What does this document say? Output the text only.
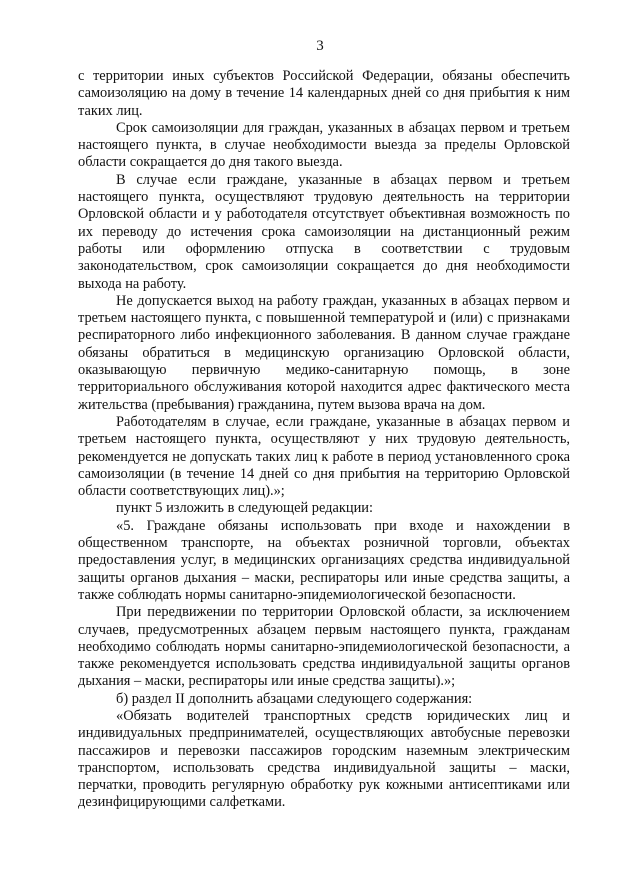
3

с территории иных субъектов Российской Федерации, обязаны обеспечить самоизоляцию на дому в течение 14 календарных дней со дня прибытия к ним таких лиц.

Срок самоизоляции для граждан, указанных в абзацах первом и третьем настоящего пункта, в случае необходимости выезда за пределы Орловской области сокращается до дня такого выезда.

В случае если граждане, указанные в абзацах первом и третьем настоящего пункта, осуществляют трудовую деятельность на территории Орловской области и у работодателя отсутствует объективная возможность по их переводу до истечения срока самоизоляции на дистанционный режим работы или оформлению отпуска в соответствии с трудовым законодательством, срок самоизоляции сокращается до дня необходимости выхода на работу.

Не допускается выход на работу граждан, указанных в абзацах первом и третьем настоящего пункта, с повышенной температурой и (или) с признаками респираторного либо инфекционного заболевания. В данном случае граждане обязаны обратиться в медицинскую организацию Орловской области, оказывающую первичную медико-санитарную помощь, в зоне территориального обслуживания которой находится адрес фактического места жительства (пребывания) гражданина, путем вызова врача на дом.

Работодателям в случае, если граждане, указанные в абзацах первом и третьем настоящего пункта, осуществляют у них трудовую деятельность, рекомендуется не допускать таких лиц к работе в период установленного срока самоизоляции (в течение 14 дней со дня прибытия на территорию Орловской области соответствующих лиц).»;

пункт 5 изложить в следующей редакции:

«5. Граждане обязаны использовать при входе и нахождении в общественном транспорте, на объектах розничной торговли, объектах предоставления услуг, в медицинских организациях средства индивидуальной защиты органов дыхания – маски, респираторы или иные средства защиты, а также соблюдать нормы санитарно-эпидемиологической безопасности.

При передвижении по территории Орловской области, за исключением случаев, предусмотренных абзацем первым настоящего пункта, гражданам необходимо соблюдать нормы санитарно-эпидемиологической безопасности, а также рекомендуется использовать средства индивидуальной защиты органов дыхания – маски, респираторы или иные средства защиты).»;

б) раздел II дополнить абзацами следующего содержания:

«Обязать водителей транспортных средств юридических лиц и индивидуальных предпринимателей, осуществляющих автобусные перевозки пассажиров и перевозки пассажиров городским наземным электрическим транспортом, использовать средства индивидуальной защиты – маски, перчатки, проводить регулярную обработку рук кожными антисептиками или дезинфицирующими салфетками.
